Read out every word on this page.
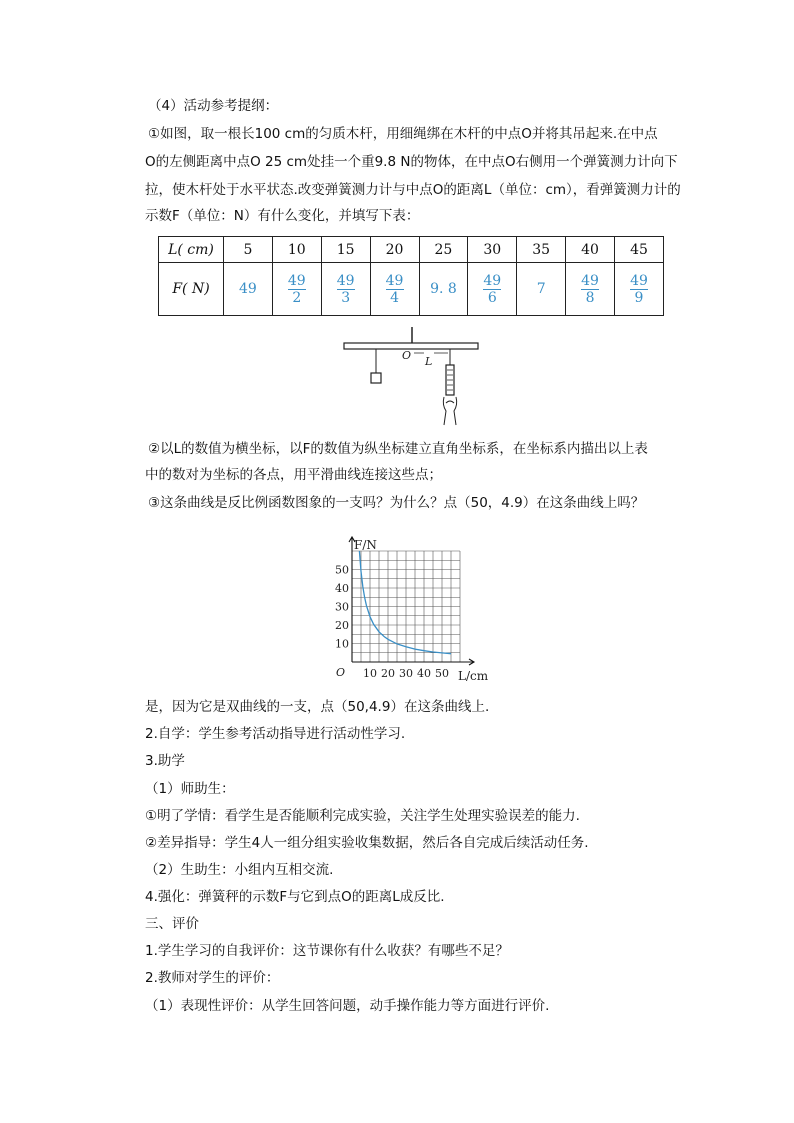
（4）活动参考提纲：
①如图，取一根长100 cm的匀质木杆，用细绳绑在木杆的中点O并将其吊起来.在中点
O的左侧距离中点O 25 cm处挂一个重9.8 N的物体，在中点O右侧用一个弹簧测力计向下
拉，使木杆处于水平状态.改变弹簧测力计与中点O的距离L（单位：cm），看弹簧测力计的
示数F（单位：N）有什么变化，并填写下表：
L( cm)	5	10	15	20	25	30	35	40	45
F( N)	49	$\frac{49}{2}$	$\frac{49}{3}$	$\frac{49}{4}$	9. 8	$\frac{49}{6}$	7	$\frac{49}{8}$	$\frac{49}{9}$
O L
②以L的数值为横坐标，以F的数值为纵坐标建立直角坐标系，在坐标系内描出以上表
中的数对为坐标的各点，用平滑曲线连接这些点；
③这条曲线是反比例函数图象的一支吗？为什么？点（50，4.9）在这条曲线上吗？
10 20 30 40 50
10
20
30
40
50
F/N
L/cm
O
是，因为它是双曲线的一支，点（50,4.9）在这条曲线上.
2.自学：学生参考活动指导进行活动性学习.
3.助学
（1）师助生：
①明了学情：看学生是否能顺利完成实验，关注学生处理实验误差的能力.
②差异指导：学生4人一组分组实验收集数据，然后各自完成后续活动任务.
（2）生助生：小组内互相交流.
4.强化：弹簧秤的示数F与它到点O的距离L成反比.
三、评价
1.学生学习的自我评价：这节课你有什么收获？有哪些不足？
2.教师对学生的评价：
（1）表现性评价：从学生回答问题，动手操作能力等方面进行评价.
